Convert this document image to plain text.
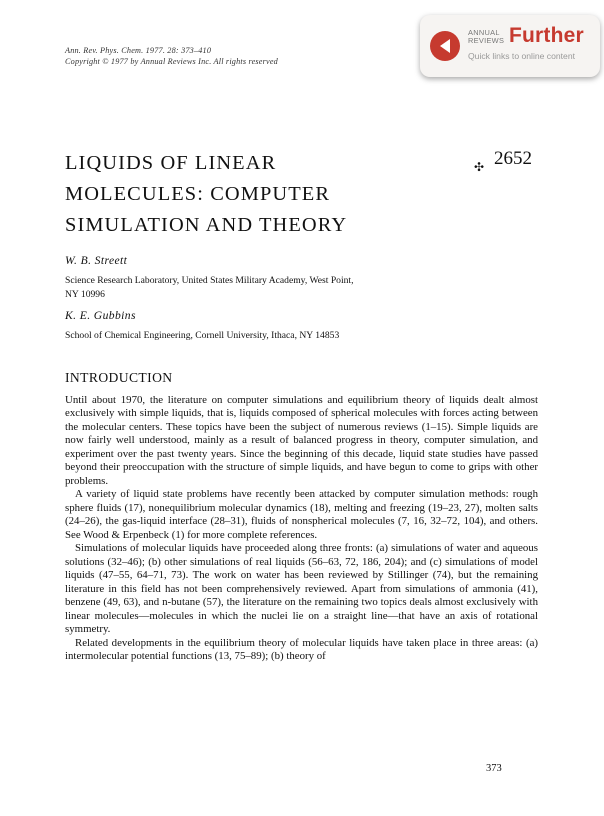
Ann. Rev. Phys. Chem. 1977. 28: 373–410
Copyright © 1977 by Annual Reviews Inc. All rights reserved
ANNUAL
REVIEWS Further
Quick links to online content
LIQUIDS OF LINEAR
MOLECULES: COMPUTER
SIMULATION AND THEORY
✣ 2652
W. B. Streett
Science Research Laboratory, United States Military Academy, West Point,
NY 10996
K. E. Gubbins
School of Chemical Engineering, Cornell University, Ithaca, NY 14853
INTRODUCTION

Until about 1970, the literature on computer simulations and equilibrium theory of liquids dealt almost exclusively with simple liquids, that is, liquids composed of spherical molecules with forces acting between the molecular centers. These topics have been the subject of numerous reviews (1–15). Simple liquids are now fairly well understood, mainly as a result of balanced progress in theory, computer simulation, and experiment over the past twenty years. Since the beginning of this decade, liquid state studies have passed beyond their preoccupation with the structure of simple liquids, and have begun to come to grips with other problems.

A variety of liquid state problems have recently been attacked by computer simulation methods: rough sphere fluids (17), nonequilibrium molecular dynamics (18), melting and freezing (19–23, 27), molten salts (24–26), the gas-liquid interface (28–31), fluids of nonspherical molecules (7, 16, 32–72, 104), and others. See Wood & Erpenbeck (1) for more complete references.

Simulations of molecular liquids have proceeded along three fronts: (a) simulations of water and aqueous solutions (32–46); (b) other simulations of real liquids (56–63, 72, 186, 204); and (c) simulations of model liquids (47–55, 64–71, 73). The work on water has been reviewed by Stillinger (74), but the remaining literature in this field has not been comprehensively reviewed. Apart from simulations of ammonia (41), benzene (49, 63), and n-butane (57), the literature on the remaining two topics deals almost exclusively with linear molecules—molecules in which the nuclei lie on a straight line—that have an axis of rotational symmetry.

Related developments in the equilibrium theory of molecular liquids have taken place in three areas: (a) intermolecular potential functions (13, 75–89); (b) theory of

373
